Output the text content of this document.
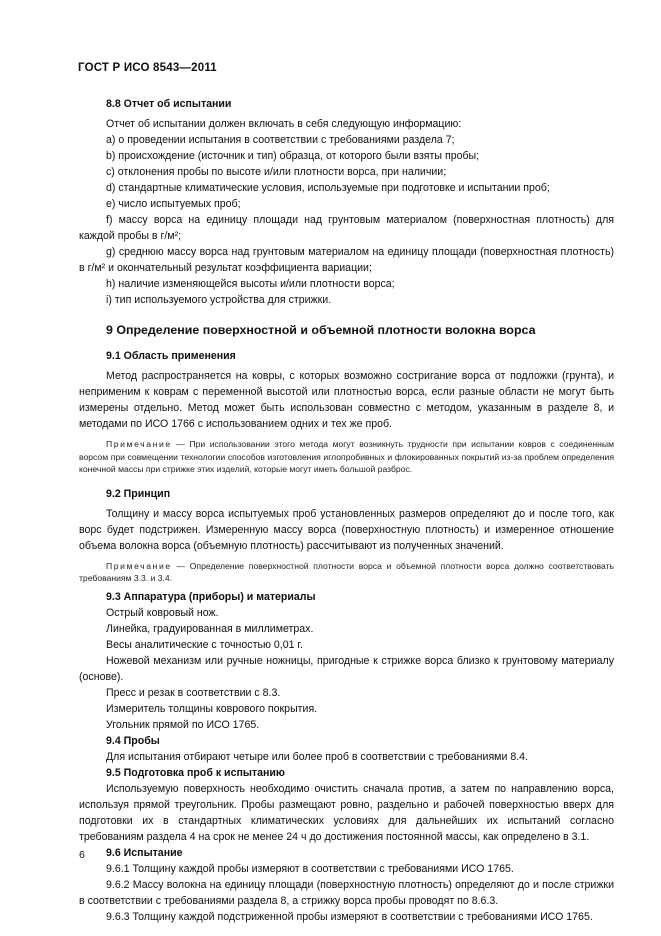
ГОСТ Р ИСО 8543—2011

8.8 Отчет об испытании

Отчет об испытании должен включать в себя следующую информацию:

a) о проведении испытания в соответствии с требованиями раздела 7;

b) происхождение (источник и тип) образца, от которого были взяты пробы;

c) отклонения пробы по высоте и/или плотности ворса, при наличии;

d) стандартные климатические условия, используемые при подготовке и испытании проб;

e) число испытуемых проб;

f) массу ворса на единицу площади над грунтовым материалом (поверхностная плотность) для каждой пробы в г/м²;

g) среднюю массу ворса над грунтовым материалом на единицу площади (поверхностная плотность) в г/м² и окончательный результат коэффициента вариации;

h) наличие изменяющейся высоты и/или плотности ворса;

i) тип используемого устройства для стрижки.

9 Определение поверхностной и объемной плотности волокна ворса

9.1 Область применения

Метод распространяется на ковры, с которых возможно состригание ворса от подложки (грунта), и неприменим к коврам с переменной высотой или плотностью ворса, если разные области не могут быть измерены отдельно. Метод может быть использован совместно с методом, указанным в разделе 8, и методами по ИСО 1766 с использованием одних и тех же проб.

Примечание — При использовании этого метода могут возникнуть трудности при испытании ковров с соединенным ворсом при совмещении технологии способов изготовления иглопробивных и флокированных покрытий из-за проблем определения конечной массы при стрижке этих изделий, которые могут иметь большой разброс.

9.2 Принцип

Толщину и массу ворса испытуемых проб установленных размеров определяют до и после того, как ворс будет подстрижен. Измеренную массу ворса (поверхностную плотность) и измеренное отношение объема волокна ворса (объемную плотность) рассчитывают из полученных значений.

Примечание — Определение поверхностной плотности ворса и объемной плотности ворса должно соответствовать требованиям 3.3. и 3.4.

9.3 Аппаратура (приборы) и материалы

Острый ковровый нож.

Линейка, градуированная в миллиметрах.

Весы аналитические с точностью 0,01 г.

Ножевой механизм или ручные ножницы, пригодные к стрижке ворса близко к грунтовому материалу (основе).

Пресс и резак в соответствии с 8.3.

Измеритель толщины коврового покрытия.

Угольник прямой по ИСО 1765.

9.4 Пробы

Для испытания отбирают четыре или более проб в соответствии с требованиями 8.4.

9.5 Подготовка проб к испытанию

Используемую поверхность необходимо очистить сначала против, а затем по направлению ворса, используя прямой треугольник. Пробы размещают ровно, раздельно и рабочей поверхностью вверх для подготовки их в стандартных климатических условиях для дальнейших их испытаний согласно требованиям раздела 4 на срок не менее 24 ч до достижения постоянной массы, как определено в 3.1.

9.6 Испытание

9.6.1 Толщину каждой пробы измеряют в соответствии с требованиями ИСО 1765.

9.6.2 Массу волокна на единицу площади (поверхностную плотность) определяют до и после стрижки в соответствии с требованиями раздела 8, а стрижку ворса пробы проводят по 8.6.3.

9.6.3 Толщину каждой подстриженной пробы измеряют в соответствии с требованиями ИСО 1765.

6
